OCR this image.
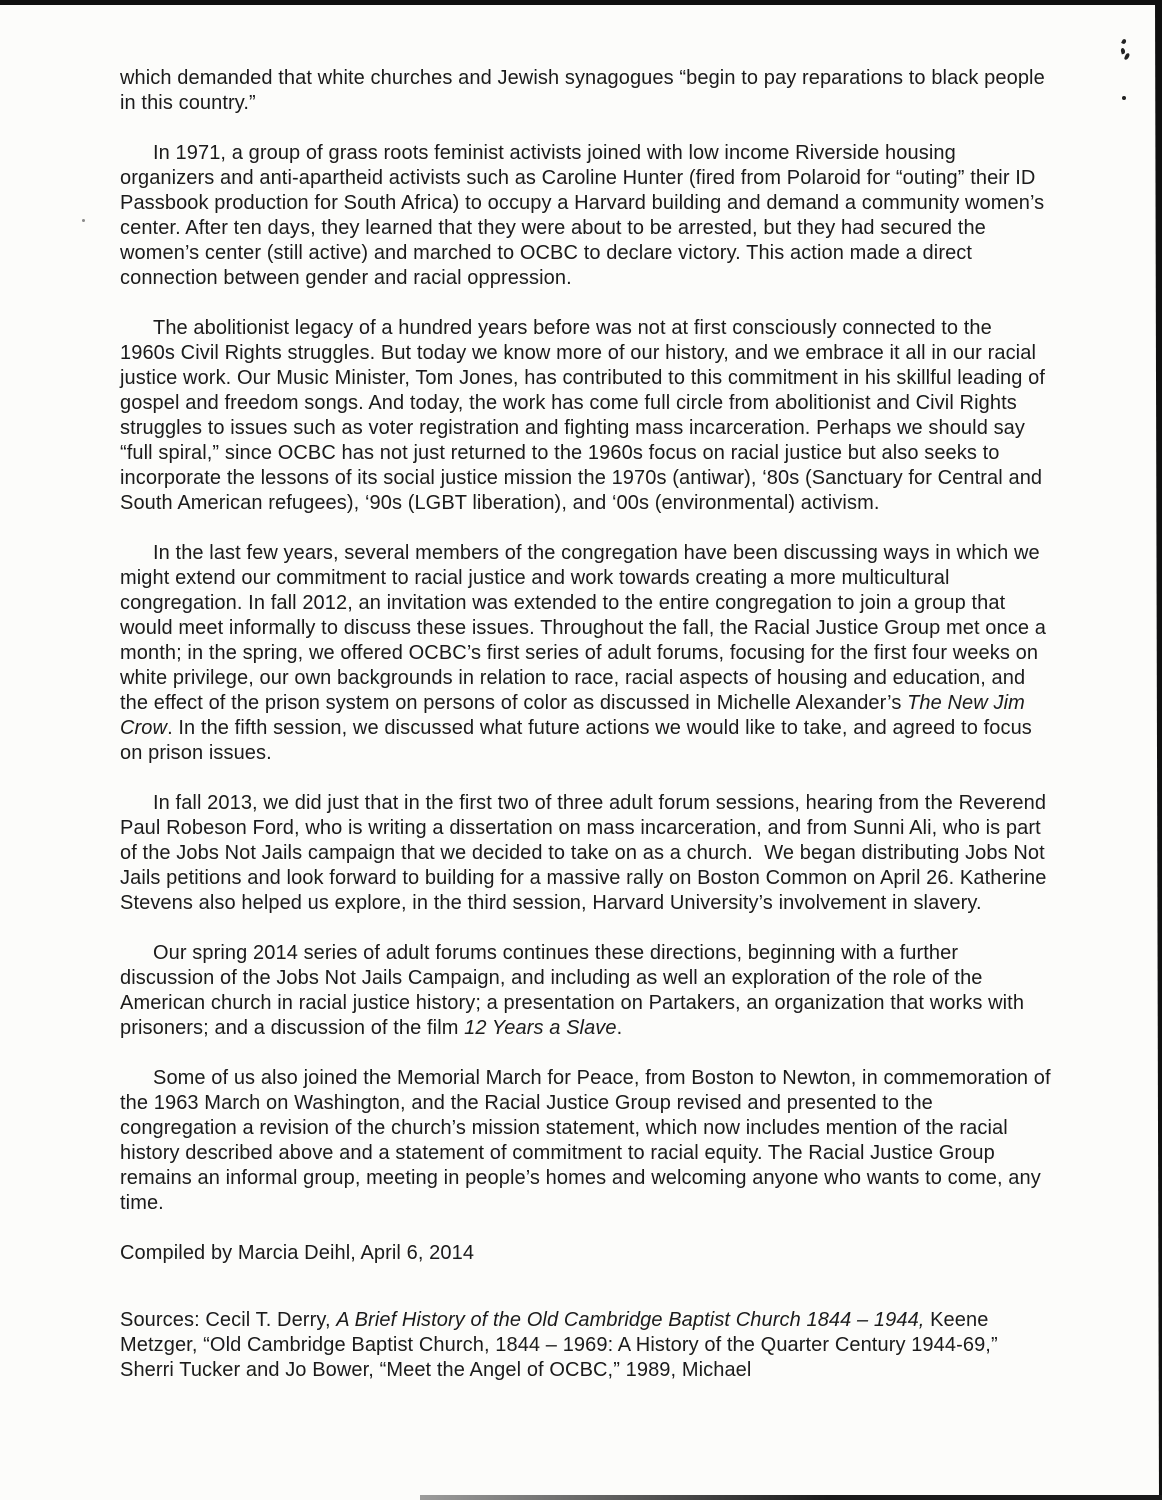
which demanded that white churches and Jewish synagogues “begin to pay reparations to black people in this country.”

In 1971, a group of grass roots feminist activists joined with low income Riverside housing organizers and anti-apartheid activists such as Caroline Hunter (fired from Polaroid for “outing” their ID Passbook production for South Africa) to occupy a Harvard building and demand a community women’s center. After ten days, they learned that they were about to be arrested, but they had secured the women’s center (still active) and marched to OCBC to declare victory. This action made a direct connection between gender and racial oppression.

The abolitionist legacy of a hundred years before was not at first consciously connected to the 1960s Civil Rights struggles. But today we know more of our history, and we embrace it all in our racial justice work. Our Music Minister, Tom Jones, has contributed to this commitment in his skillful leading of gospel and freedom songs. And today, the work has come full circle from abolitionist and Civil Rights struggles to issues such as voter registration and fighting mass incarceration. Perhaps we should say “full spiral,” since OCBC has not just returned to the 1960s focus on racial justice but also seeks to incorporate the lessons of its social justice mission the 1970s (antiwar), ‘80s (Sanctuary for Central and South American refugees), ‘90s (LGBT liberation), and ‘00s (environmental) activism.

In the last few years, several members of the congregation have been discussing ways in which we might extend our commitment to racial justice and work towards creating a more multicultural congregation. In fall 2012, an invitation was extended to the entire congregation to join a group that would meet informally to discuss these issues. Throughout the fall, the Racial Justice Group met once a month; in the spring, we offered OCBC’s first series of adult forums, focusing for the first four weeks on white privilege, our own backgrounds in relation to race, racial aspects of housing and education, and the effect of the prison system on persons of color as discussed in Michelle Alexander’s The New Jim Crow. In the fifth session, we discussed what future actions we would like to take, and agreed to focus on prison issues.

In fall 2013, we did just that in the first two of three adult forum sessions, hearing from the Reverend Paul Robeson Ford, who is writing a dissertation on mass incarceration, and from Sunni Ali, who is part of the Jobs Not Jails campaign that we decided to take on as a church.  We began distributing Jobs Not Jails petitions and look forward to building for a massive rally on Boston Common on April 26. Katherine Stevens also helped us explore, in the third session, Harvard University’s involvement in slavery.

Our spring 2014 series of adult forums continues these directions, beginning with a further discussion of the Jobs Not Jails Campaign, and including as well an exploration of the role of the American church in racial justice history; a presentation on Partakers, an organization that works with prisoners; and a discussion of the film 12 Years a Slave.

Some of us also joined the Memorial March for Peace, from Boston to Newton, in commemoration of the 1963 March on Washington, and the Racial Justice Group revised and presented to the congregation a revision of the church’s mission statement, which now includes mention of the racial history described above and a statement of commitment to racial equity. The Racial Justice Group remains an informal group, meeting in people’s homes and welcoming anyone who wants to come, any time.

Compiled by Marcia Deihl, April 6, 2014

Sources: Cecil T. Derry, A Brief History of the Old Cambridge Baptist Church 1844 – 1944, Keene Metzger, “Old Cambridge Baptist Church, 1844 – 1969: A History of the Quarter Century 1944-69,” Sherri Tucker and Jo Bower, “Meet the Angel of OCBC,” 1989, Michael
